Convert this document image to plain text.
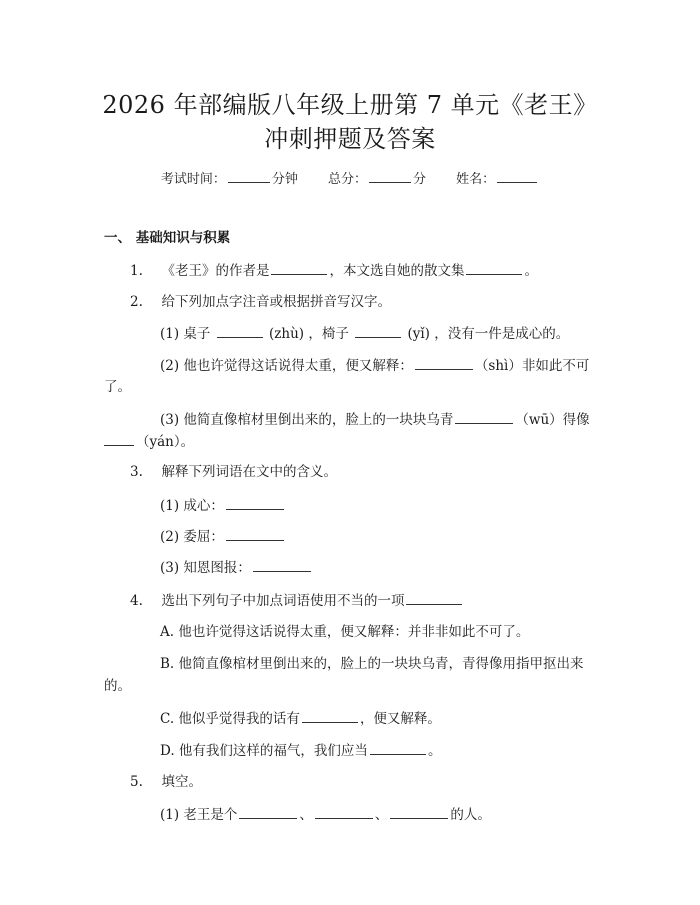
2026 年部编版八年级上册第 7 单元《老王》
冲刺押题及答案
考试时间：	分钟 总分：	分 姓名：
一、 基础知识与积累
1. 《老王》的作者是	，本文选自她的散文集	。
2. 给下列加点字注音或根据拼音写汉字。
(1) 桌子	(zhù) ，椅子	(yǐ) ，没有一件是成心的。
(2) 他也许觉得这话说得太重，便又解释：	（shì）非如此不可
了。
(3) 他简直像棺材里倒出来的，脸上的一块块乌青	（wū）得像
（yán）。
3. 解释下列词语在文中的含义。
(1) 成心：
(2) 委屈：
(3) 知恩图报：
4. 选出下列句子中加点词语使用不当的一项
A. 他也许觉得这话说得太重，便又解释：并非非如此不可了。
B. 他简直像棺材里倒出来的，脸上的一块块乌青，青得像用指甲抠出来
的。
C. 他似乎觉得我的话有	，便又解释。
D. 他有我们这样的福气，我们应当	。
5. 填空。
(1) 老王是个	、	、	的人。
